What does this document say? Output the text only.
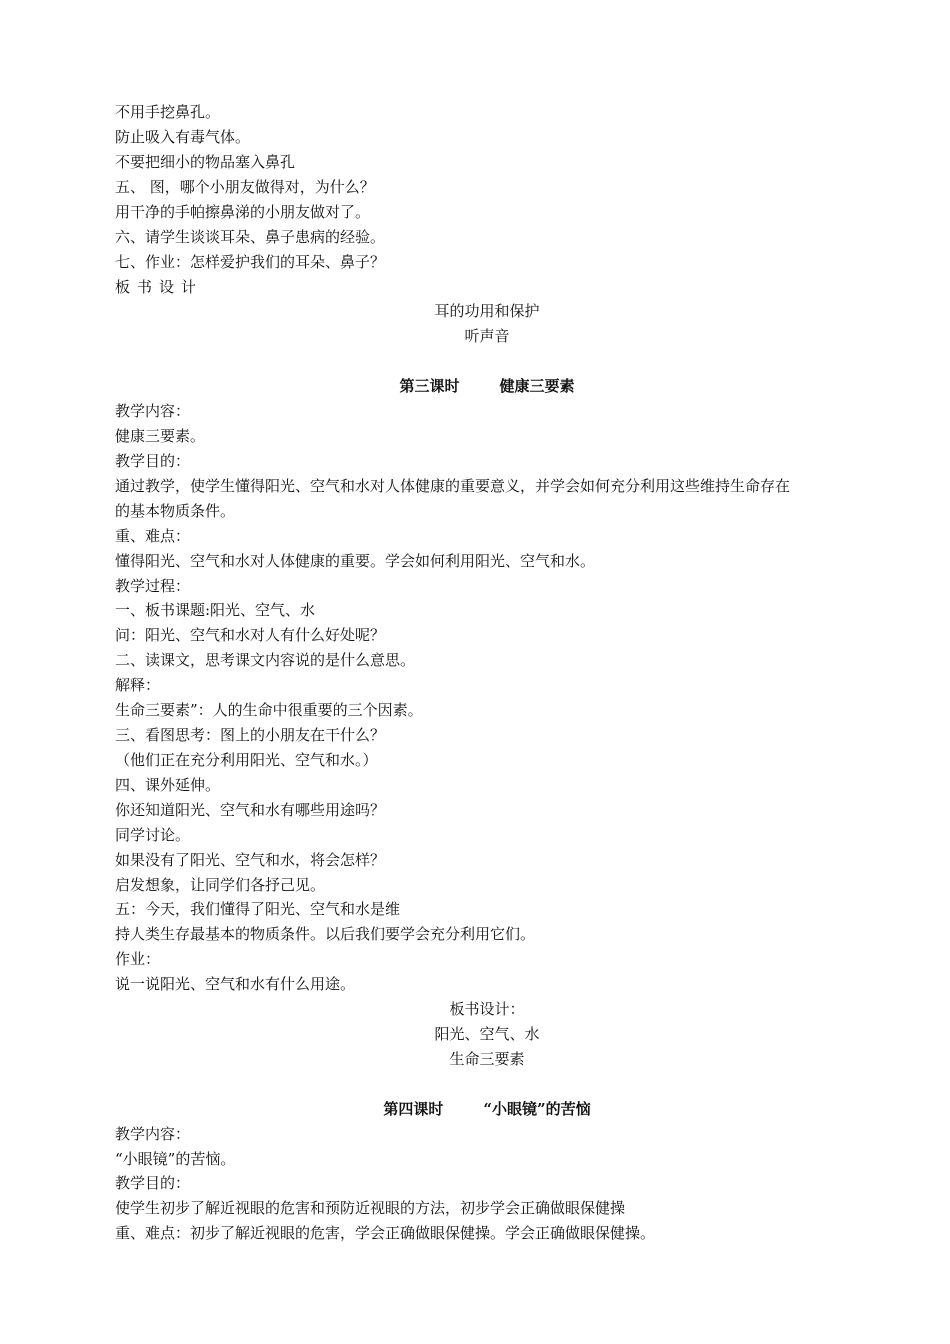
不用手挖鼻孔。
防止吸入有毒气体。
不要把细小的物品塞入鼻孔
五、 图，哪个小朋友做得对，为什么？
用干净的手帕擦鼻涕的小朋友做对了。
六、请学生谈谈耳朵、鼻子患病的经验。
七、作业：怎样爱护我们的耳朵、鼻子？
板书设计
耳的功用和保护
听声音
第三课时	健康三要素
教学内容：
健康三要素。
教学目的：
通过教学，使学生懂得阳光、空气和水对人体健康的重要意义，并学会如何充分利用这些维持生命存在
的基本物质条件。
重、难点：
懂得阳光、空气和水对人体健康的重要。学会如何利用阳光、空气和水。
教学过程：
一、板书课题:阳光、空气、水
问：阳光、空气和水对人有什么好处呢？
二、读课文，思考课文内容说的是什么意思。
解释：
生命三要素”：人的生命中很重要的三个因素。
三、看图思考：图上的小朋友在干什么？
（他们正在充分利用阳光、空气和水。）
四、课外延伸。
你还知道阳光、空气和水有哪些用途吗？
同学讨论。
如果没有了阳光、空气和水，将会怎样？
启发想象，让同学们各抒己见。
五：今天，我们懂得了阳光、空气和水是维
持人类生存最基本的物质条件。以后我们要学会充分利用它们。
作业：
说一说阳光、空气和水有什么用途。
板书设计：
阳光、空气、水
生命三要素
第四课时	“小眼镜”的苦恼
教学内容：
“小眼镜”的苦恼。
教学目的：
使学生初步了解近视眼的危害和预防近视眼的方法，初步学会正确做眼保健操
重、难点：初步了解近视眼的危害，学会正确做眼保健操。学会正确做眼保健操。
